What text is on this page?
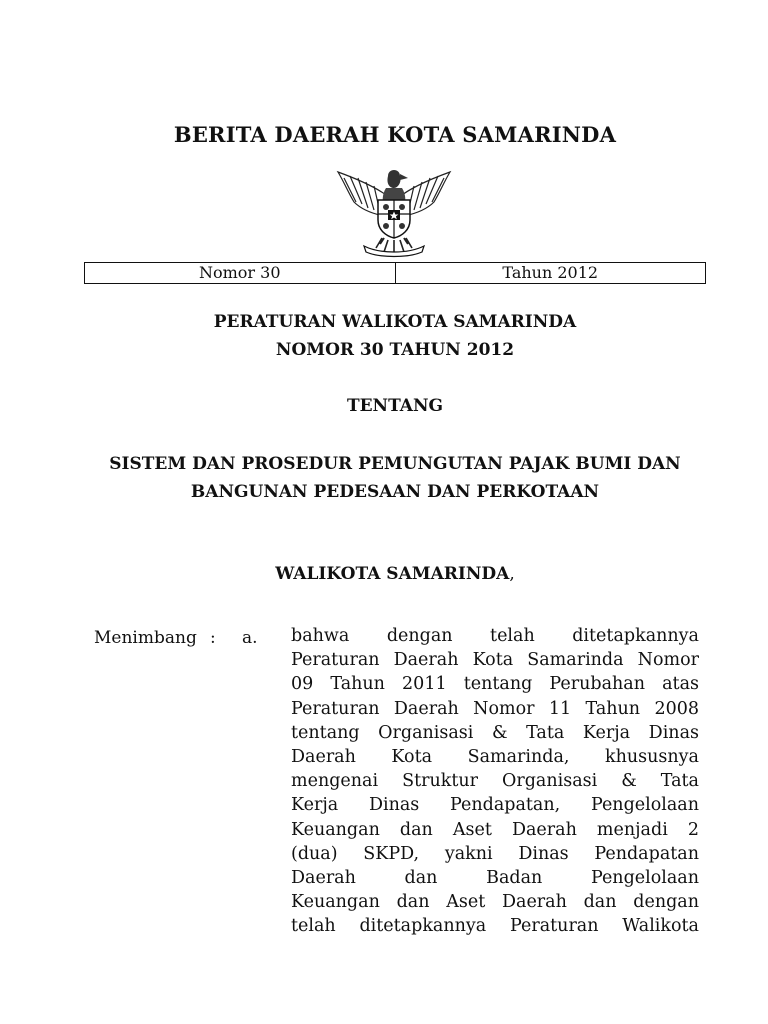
BERITA DAERAH KOTA SAMARINDA
Nomor 30	Tahun 2012
PERATURAN WALIKOTA SAMARINDA
NOMOR 30 TAHUN 2012
TENTANG
SISTEM DAN PROSEDUR PEMUNGUTAN PAJAK BUMI DAN
BANGUNAN PEDESAAN DAN PERKOTAAN
WALIKOTA SAMARINDA,
Menimbang : a. bahwa dengan telah ditetapkannya
Peraturan Daerah Kota Samarinda Nomor
09 Tahun 2011 tentang Perubahan atas
Peraturan Daerah Nomor 11 Tahun 2008
tentang Organisasi & Tata Kerja Dinas
Daerah Kota Samarinda, khususnya
mengenai Struktur Organisasi & Tata
Kerja Dinas Pendapatan, Pengelolaan
Keuangan dan Aset Daerah menjadi 2
(dua) SKPD, yakni Dinas Pendapatan
Daerah dan Badan Pengelolaan
Keuangan dan Aset Daerah dan dengan
telah ditetapkannya Peraturan Walikota
